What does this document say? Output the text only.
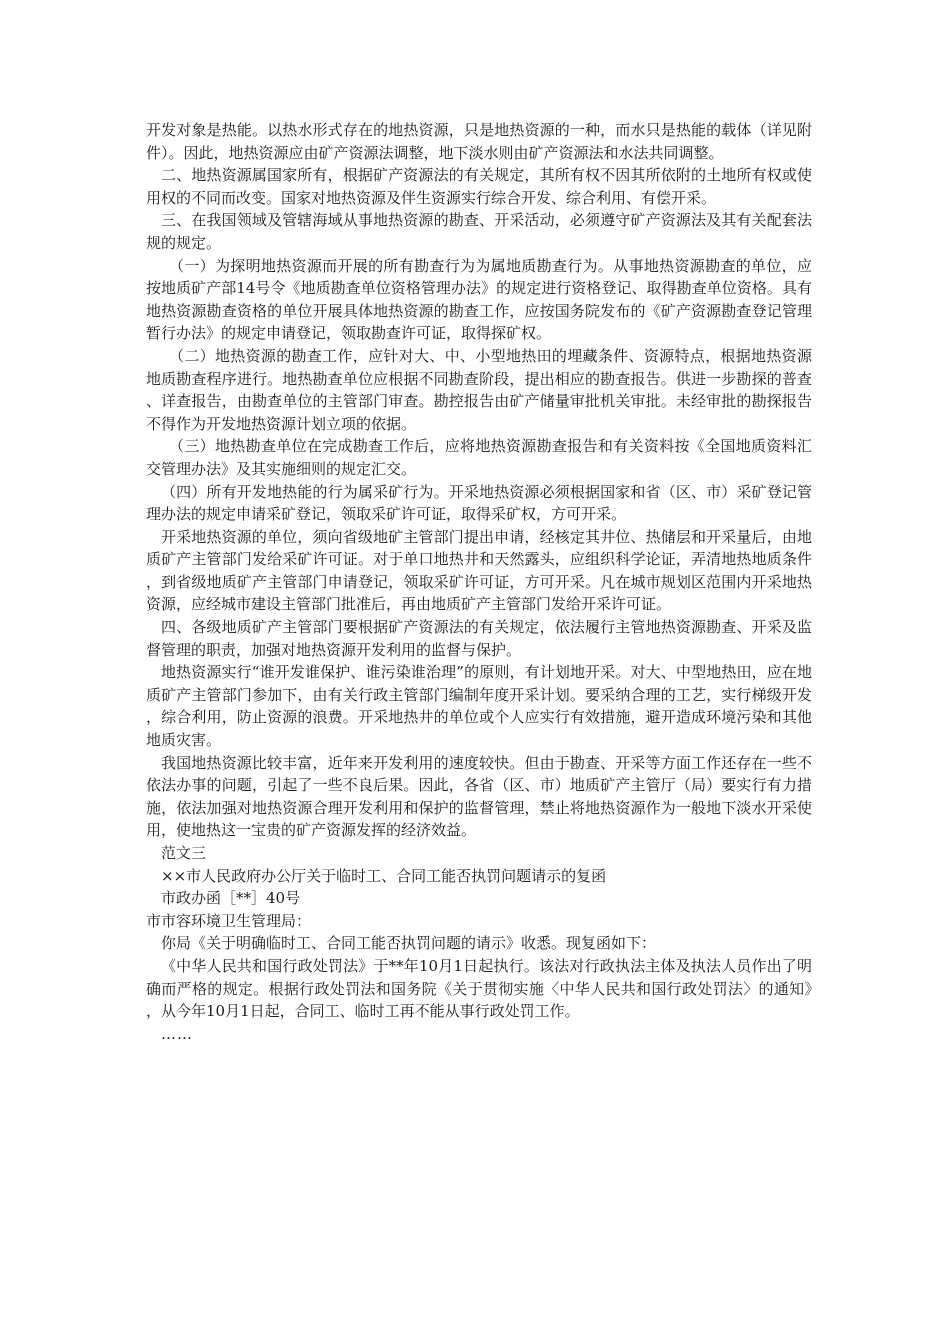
开发对象是热能。以热水形式存在的地热资源，只是地热资源的一种，而水只是热能的载体（详见附件）。因此，地热资源应由矿产资源法调整，地下淡水则由矿产资源法和水法共同调整。

二、地热资源属国家所有，根据矿产资源法的有关规定，其所有权不因其所依附的土地所有权或使用权的不同而改变。国家对地热资源及伴生资源实行综合开发、综合利用、有偿开采。

三、在我国领域及管辖海域从事地热资源的勘查、开采活动，必须遵守矿产资源法及其有关配套法规的规定。

（一）为探明地热资源而开展的所有勘查行为为属地质勘查行为。从事地热资源勘查的单位，应按地质矿产部14号令《地质勘查单位资格管理办法》的规定进行资格登记、取得勘查单位资格。具有地热资源勘查资格的单位开展具体地热资源的勘查工作，应按国务院发布的《矿产资源勘查登记管理暂行办法》的规定申请登记，领取勘查许可证，取得探矿权。

（二）地热资源的勘查工作，应针对大、中、小型地热田的埋藏条件、资源特点，根据地热资源地质勘查程序进行。地热勘查单位应根据不同勘查阶段，提出相应的勘查报告。供进一步勘探的普查、详查报告，由勘查单位的主管部门审查。勘控报告由矿产储量审批机关审批。未经审批的勘探报告不得作为开发地热资源计划立项的依据。

（三）地热勘查单位在完成勘查工作后，应将地热资源勘查报告和有关资料按《全国地质资料汇交管理办法》及其实施细则的规定汇交。

（四）所有开发地热能的行为属采矿行为。开采地热资源必须根据国家和省（区、市）采矿登记管理办法的规定申请采矿登记，领取采矿许可证，取得采矿权，方可开采。

开采地热资源的单位，须向省级地矿主管部门提出申请，经核定其井位、热储层和开采量后，由地质矿产主管部门发给采矿许可证。对于单口地热井和天然露头，应组织科学论证，弄清地热地质条件，到省级地质矿产主管部门申请登记，领取采矿许可证，方可开采。凡在城市规划区范围内开采地热资源，应经城市建设主管部门批准后，再由地质矿产主管部门发给开采许可证。

四、各级地质矿产主管部门要根据矿产资源法的有关规定，依法履行主管地热资源勘查、开采及监督管理的职责，加强对地热资源开发利用的监督与保护。

地热资源实行“谁开发谁保护、谁污染谁治理”的原则，有计划地开采。对大、中型地热田，应在地质矿产主管部门参加下，由有关行政主管部门编制年度开采计划。要采纳合理的工艺，实行梯级开发，综合利用，防止资源的浪费。开采地热井的单位或个人应实行有效措施，避开造成环境污染和其他地质灾害。

我国地热资源比较丰富，近年来开发利用的速度较快。但由于勘查、开采等方面工作还存在一些不依法办事的问题，引起了一些不良后果。因此，各省（区、市）地质矿产主管厅（局）要实行有力措施，依法加强对地热资源合理开发利用和保护的监督管理，禁止将地热资源作为一般地下淡水开采使用，使地热这一宝贵的矿产资源发挥的经济效益。

范文三

××市人民政府办公厅关于临时工、合同工能否执罚问题请示的复函

市政办函［**］40号

市市容环境卫生管理局：

你局《关于明确临时工、合同工能否执罚问题的请示》收悉。现复函如下：

《中华人民共和国行政处罚法》于**年10月1日起执行。该法对行政执法主体及执法人员作出了明确而严格的规定。根据行政处罚法和国务院《关于贯彻实施〈中华人民共和国行政处罚法〉的通知》，从今年10月1日起，合同工、临时工再不能从事行政处罚工作。

……
